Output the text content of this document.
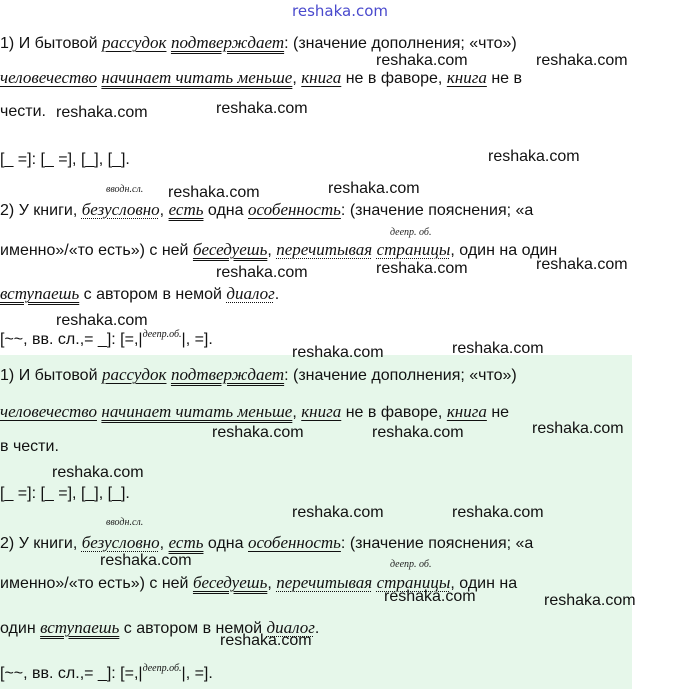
reshaka.com
1) И бытовой рассудок подтверждает: (значение дополнения; «что»)
человечество начинает читать меньше, книга не в фаворе, книга не в
чести.
[_ =]: [_ =], [_], [_].
вводн.сл.
2) У книги, безусловно, есть одна особенность: (значение пояснения; «а
деепр. об.
именно»/«то есть») с ней беседуешь, перечитывая страницы, один на один
вступаешь с автором в немой диалог.
[~~, вв. сл.,= _]: [$=,|^{деепр.об.}|$, =].
1) И бытовой рассудок подтверждает: (значение дополнения; «что»)
человечество начинает читать меньше, книга не в фаворе, книга не
в чести.
[_ =]: [_ =], [_], [_].
вводн.сл.
2) У книги, безусловно, есть одна особенность: (значение пояснения; «а
деепр. об.
именно»/«то есть») с ней беседуешь, перечитывая страницы, один на
один вступаешь с автором в немой диалог.
[~~, вв. сл.,= _]: [$=,|^{деепр.об.}|$, =].
reshaka.com	reshaka.com
reshaka.com	reshaka.com
reshaka.com
reshaka.com	reshaka.com
reshaka.com	reshaka.com	reshaka.com
reshaka.com
reshaka.com	reshaka.com
reshaka.com	reshaka.com	reshaka.com
reshaka.com
reshaka.com	reshaka.com
reshaka.com
reshaka.com	reshaka.com
reshaka.com
